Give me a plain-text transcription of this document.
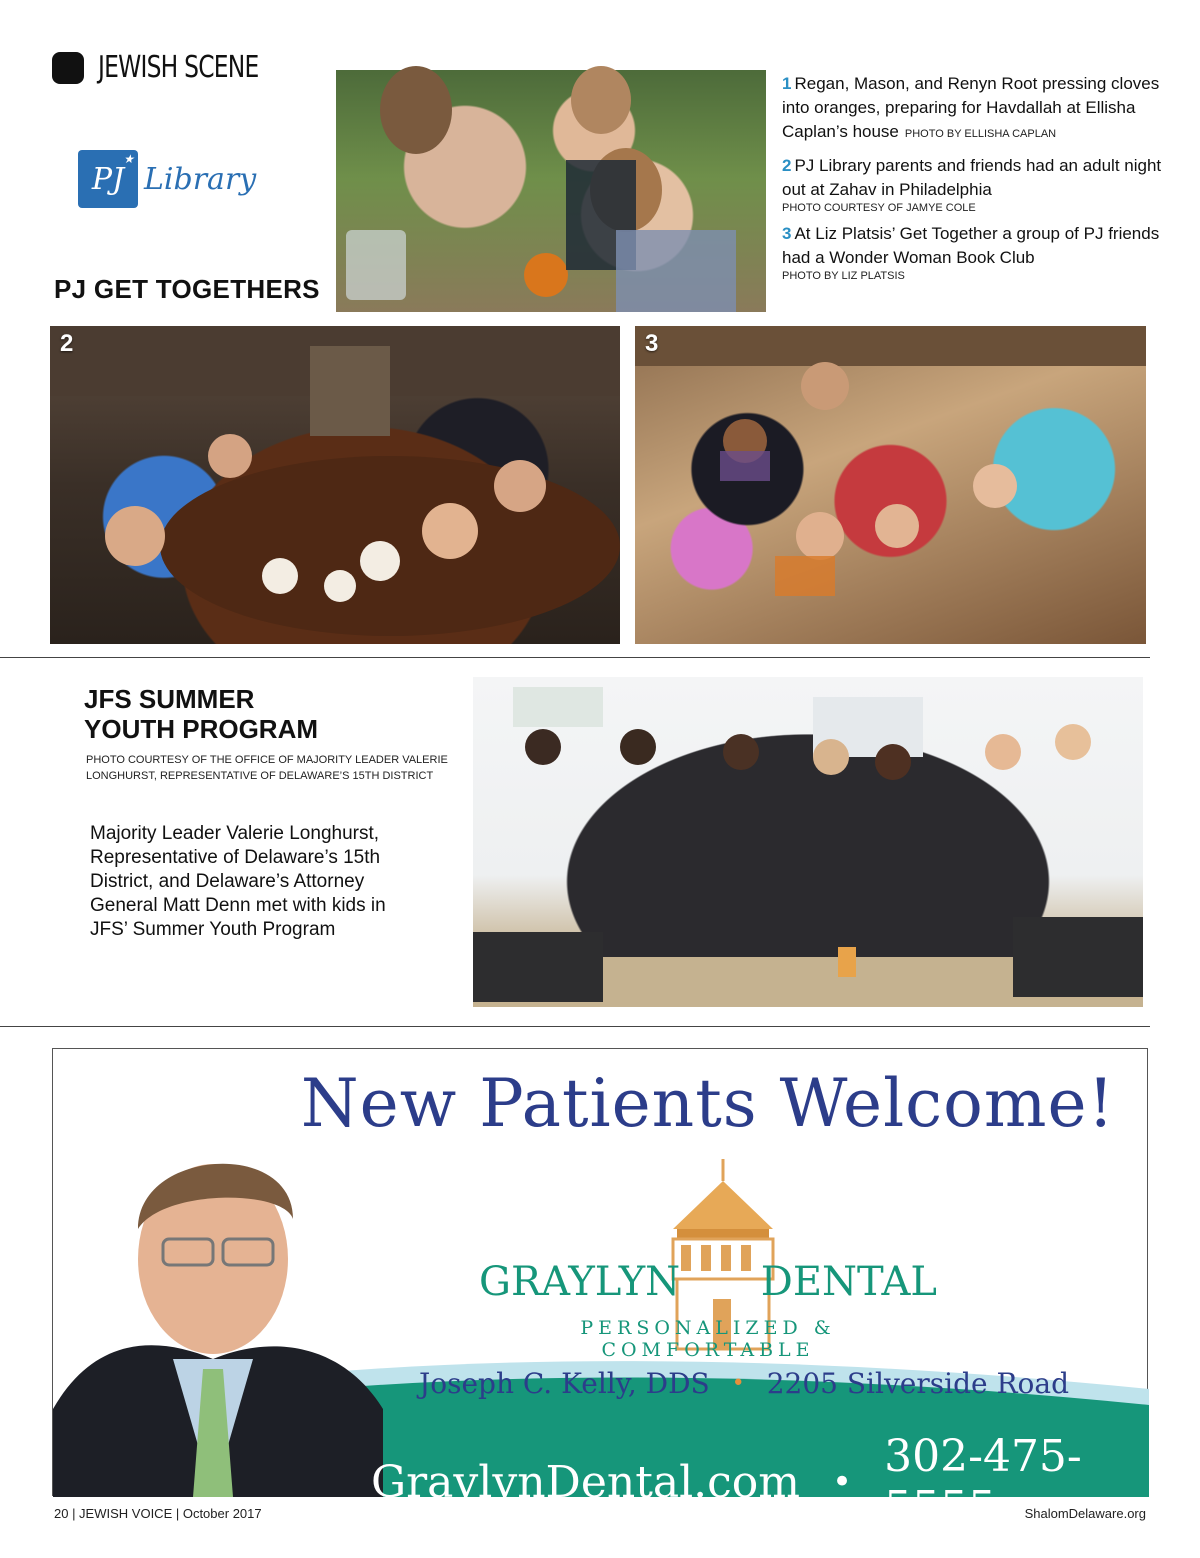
JEWISH SCENE
PJ
★
Library
PJ GET TOGETHERS
2	3
1 Regan, Mason, and Renyn Root pressing cloves into oranges, preparing for Havdallah at Ellisha Caplan’s house PHOTO BY ELLISHA CAPLAN
2 PJ Library parents and friends had an adult night out at Zahav in Philadelphia
PHOTO COURTESY OF JAMYE COLE
3 At Liz Platsis’ Get Together a group of PJ friends had a Wonder Woman Book Club
PHOTO BY LIZ PLATSIS
JFS SUMMER
YOUTH PROGRAM
PHOTO COURTESY OF THE OFFICE OF MAJORITY LEADER VALERIE LONGHURST, REPRESENTATIVE OF DELAWARE’S 15TH DISTRICT
Majority Leader Valerie Longhurst, Representative of Delaware’s 15th District, and Delaware’s Attorney General Matt Denn met with kids in JFS’ Summer Youth Program
New Patients Welcome!
GRAYLYN DENTAL
PERSONALIZED & COMFORTABLE
Joseph C. Kelly, DDS • 2205 Silverside Road
GraylynDental.com • 302-475-5555
20 | JEWISH VOICE | October 2017	ShalomDelaware.org
